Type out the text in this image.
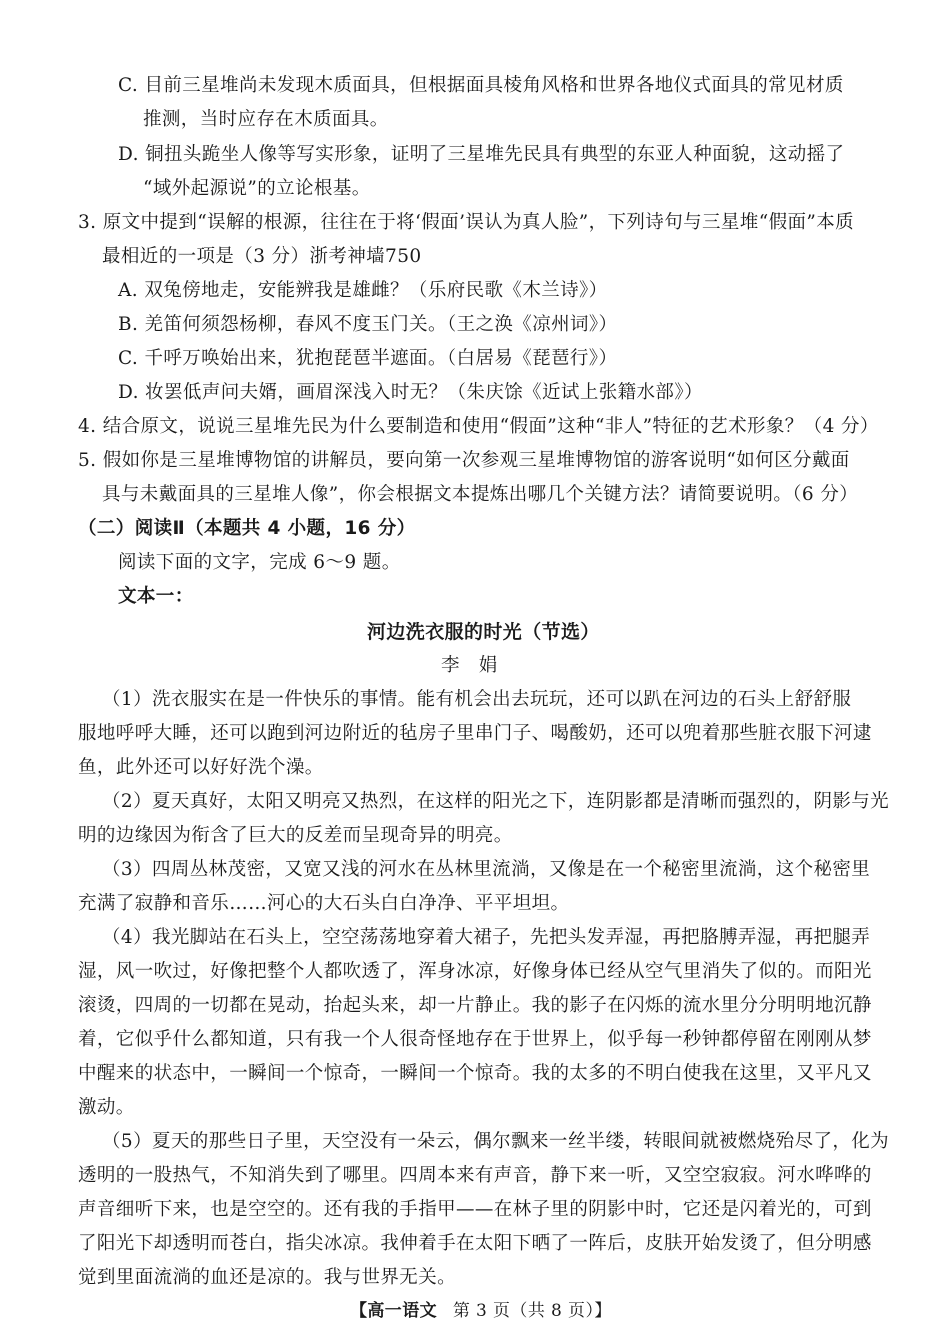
C. 目前三星堆尚未发现木质面具，但根据面具棱角风格和世界各地仪式面具的常见材质
推测，当时应存在木质面具。
D. 铜扭头跪坐人像等写实形象，证明了三星堆先民具有典型的东亚人种面貌，这动摇了
“域外起源说”的立论根基。
3. 原文中提到“误解的根源，往往在于将‘假面’误认为真人脸”，下列诗句与三星堆“假面”本质
最相近的一项是（3 分）浙考神墙750
A. 双兔傍地走，安能辨我是雄雌？（乐府民歌《木兰诗》）
B. 羌笛何须怨杨柳，春风不度玉门关。（王之涣《凉州词》）
C. 千呼万唤始出来，犹抱琵琶半遮面。（白居易《琵琶行》）
D. 妆罢低声问夫婿，画眉深浅入时无？（朱庆馀《近试上张籍水部》）
4. 结合原文，说说三星堆先民为什么要制造和使用“假面”这种“非人”特征的艺术形象？（4 分）
5. 假如你是三星堆博物馆的讲解员，要向第一次参观三星堆博物馆的游客说明“如何区分戴面
具与未戴面具的三星堆人像”，你会根据文本提炼出哪几个关键方法？请简要说明。（6 分）
（二）阅读Ⅱ（本题共 4 小题，16 分）
阅读下面的文字，完成 6～9 题。
文本一：
河边洗衣服的时光（节选）
李　娟
（1）洗衣服实在是一件快乐的事情。能有机会出去玩玩，还可以趴在河边的石头上舒舒服
服地呼呼大睡，还可以跑到河边附近的毡房子里串门子、喝酸奶，还可以兜着那些脏衣服下河逮
鱼，此外还可以好好洗个澡。
（2）夏天真好，太阳又明亮又热烈，在这样的阳光之下，连阴影都是清晰而强烈的，阴影与光
明的边缘因为衔含了巨大的反差而呈现奇异的明亮。
（3）四周丛林茂密，又宽又浅的河水在丛林里流淌，又像是在一个秘密里流淌，这个秘密里
充满了寂静和音乐……河心的大石头白白净净、平平坦坦。
（4）我光脚站在石头上，空空荡荡地穿着大裙子，先把头发弄湿，再把胳膊弄湿，再把腿弄
湿，风一吹过，好像把整个人都吹透了，浑身冰凉，好像身体已经从空气里消失了似的。而阳光
滚烫，四周的一切都在晃动，抬起头来，却一片静止。我的影子在闪烁的流水里分分明明地沉静
着，它似乎什么都知道，只有我一个人很奇怪地存在于世界上，似乎每一秒钟都停留在刚刚从梦
中醒来的状态中，一瞬间一个惊奇，一瞬间一个惊奇。我的太多的不明白使我在这里，又平凡又
激动。
（5）夏天的那些日子里，天空没有一朵云，偶尔飘来一丝半缕，转眼间就被燃烧殆尽了，化为
透明的一股热气，不知消失到了哪里。四周本来有声音，静下来一听，又空空寂寂。河水哗哗的
声音细听下来，也是空空的。还有我的手指甲——在林子里的阴影中时，它还是闪着光的，可到
了阳光下却透明而苍白，指尖冰凉。我伸着手在太阳下晒了一阵后，皮肤开始发烫了，但分明感
觉到里面流淌的血还是凉的。我与世界无关。
【高一语文 第 3 页（共 8 页）】
